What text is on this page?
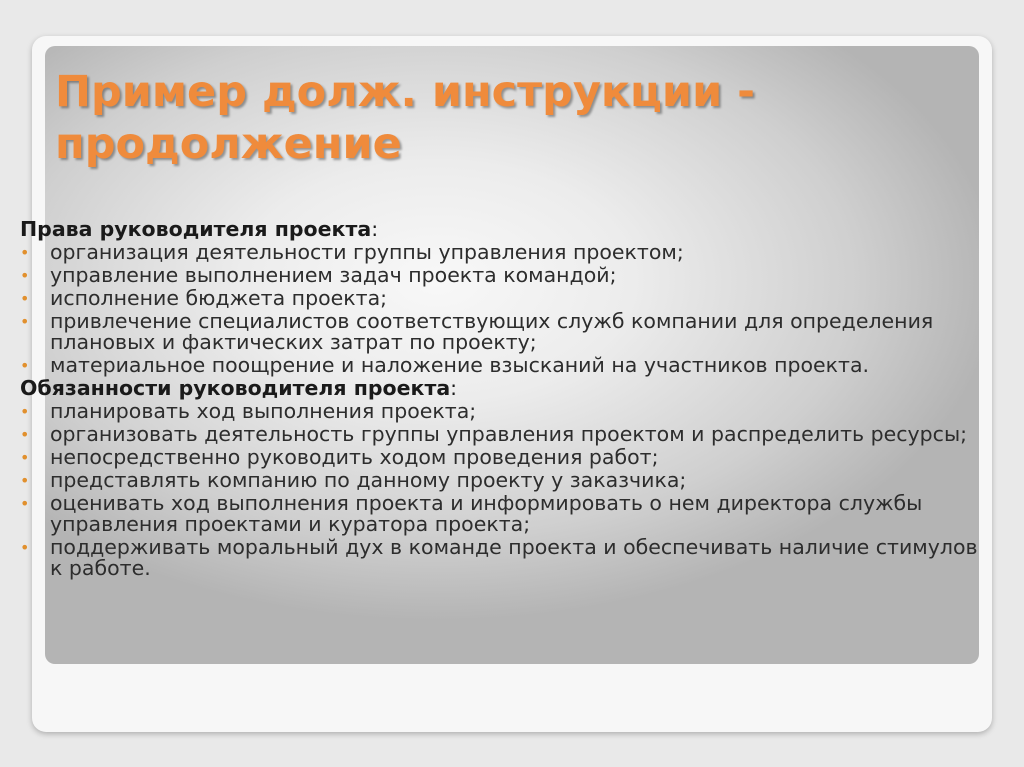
Пример долж. инструкции -
продолжение

Права руководителя проекта:

• организация деятельности группы управления проектом;
• управление выполнением задач проекта командой;
• исполнение бюджета проекта;
• привлечение специалистов соответствующих служб компании для определения плановых и фактических затрат по проекту;
• материальное поощрение и наложение взысканий на участников проекта.

Обязанности руководителя проекта:

• планировать ход выполнения проекта;
• организовать деятельность группы управления проектом и распределить ресурсы;
• непосредственно руководить ходом проведения работ;
• представлять компанию по данному проекту у заказчика;
• оценивать ход выполнения проекта и информировать о нем директора службы управления проектами и куратора проекта;
• поддерживать моральный дух в команде проекта и обеспечивать наличие стимулов к работе.
